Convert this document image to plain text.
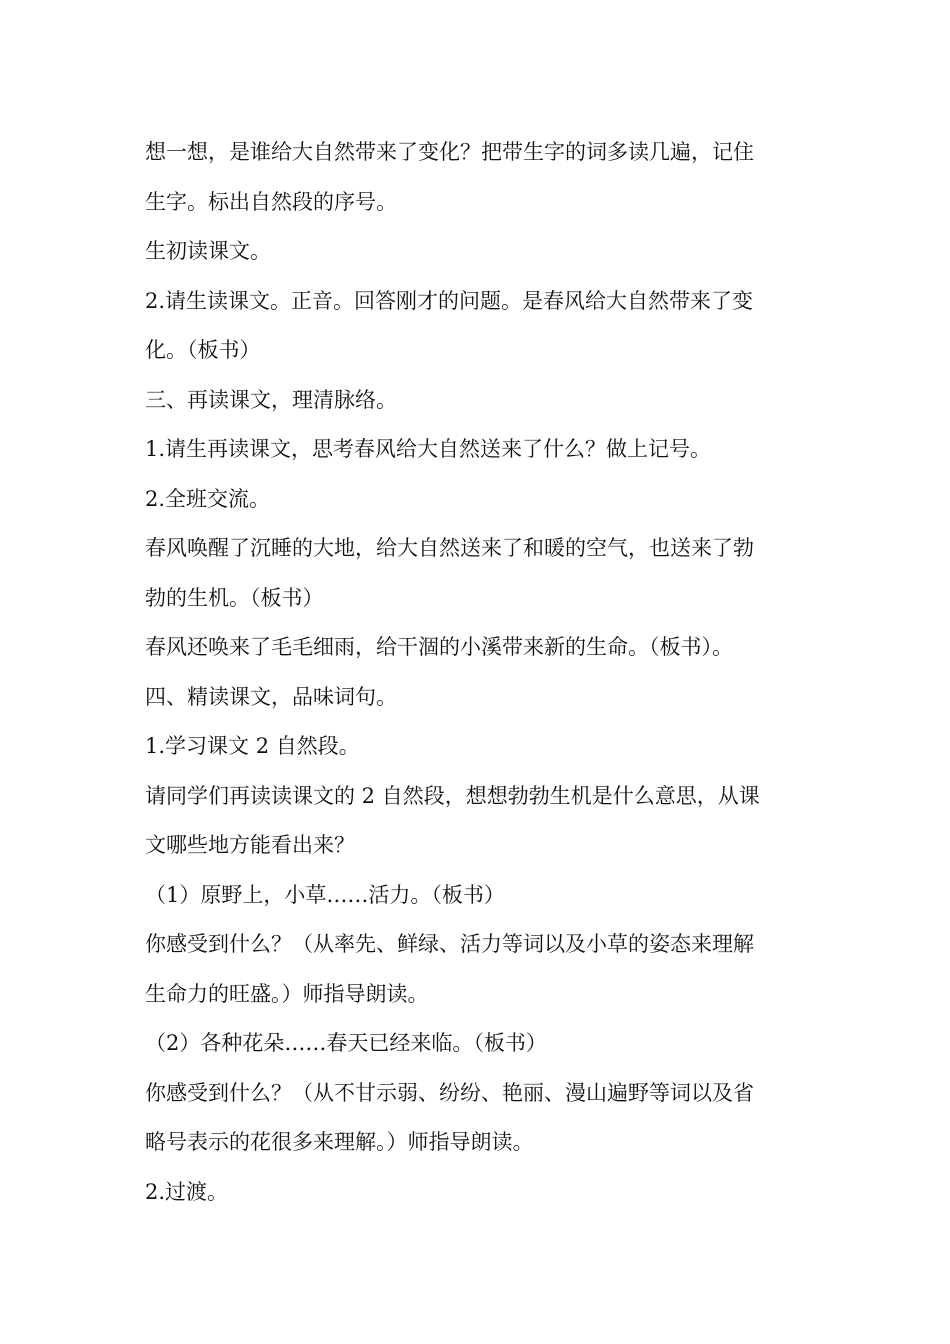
想一想，是谁给大自然带来了变化？把带生字的词多读几遍，记住
生字。标出自然段的序号。
生初读课文。
2.请生读课文。正音。回答刚才的问题。是春风给大自然带来了变
化。（板书）
三、再读课文，理清脉络。
1.请生再读课文，思考春风给大自然送来了什么？做上记号。
2.全班交流。
春风唤醒了沉睡的大地，给大自然送来了和暖的空气，也送来了勃
勃的生机。（板书）
春风还唤来了毛毛细雨，给干涸的小溪带来新的生命。（板书）。
四、精读课文，品味词句。
1.学习课文 2 自然段。
请同学们再读读课文的 2 自然段，想想勃勃生机是什么意思，从课
文哪些地方能看出来？
（1）原野上，小草……活力。（板书）
你感受到什么？（从率先、鲜绿、活力等词以及小草的姿态来理解
生命力的旺盛。）师指导朗读。
（2）各种花朵……春天已经来临。（板书）
你感受到什么？（从不甘示弱、纷纷、艳丽、漫山遍野等词以及省
略号表示的花很多来理解。）师指导朗读。
2.过渡。
